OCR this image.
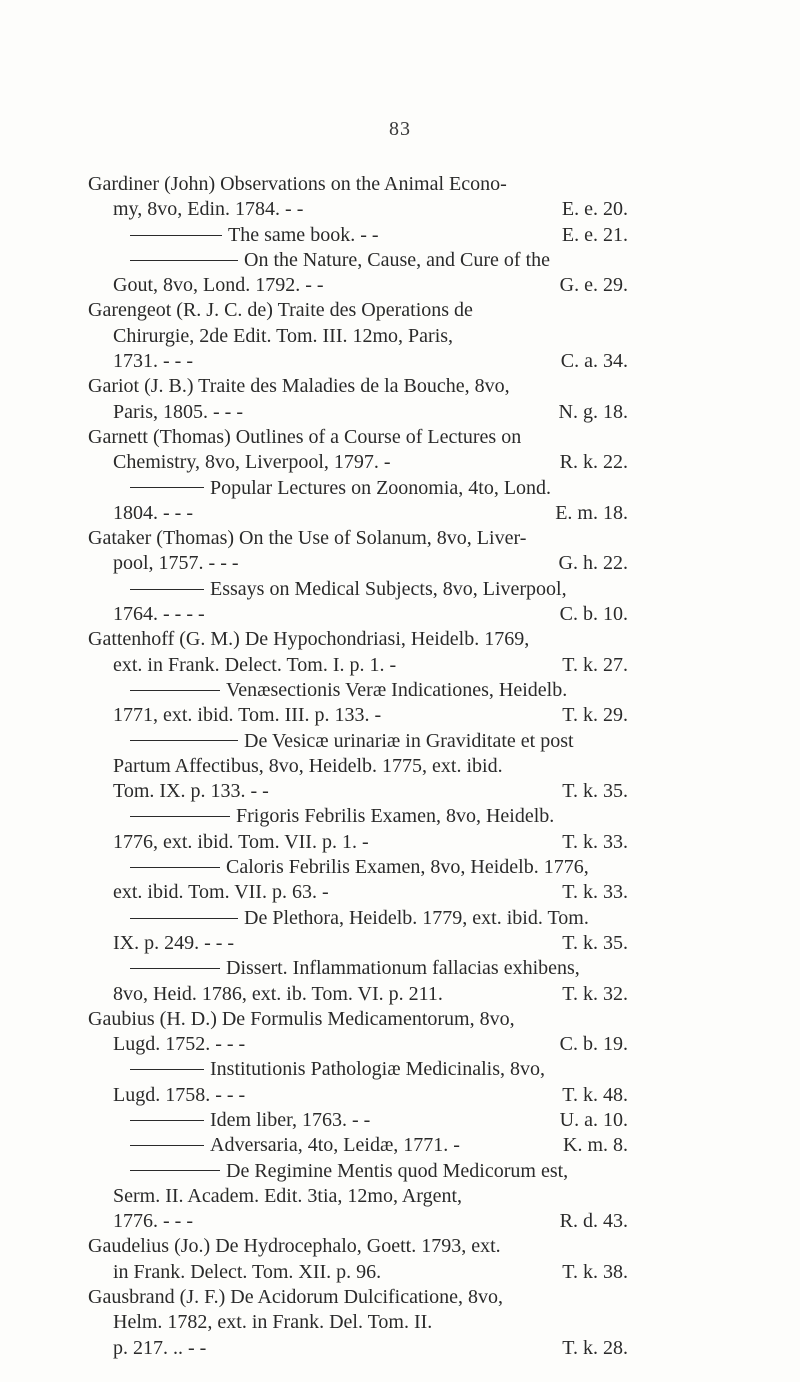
83
Gardiner (John) Observations on the Animal Econo-
my, 8vo, Edin. 1784. - -	E. e. 20.
The same book. - -	E. e. 21.
On the Nature, Cause, and Cure of the
Gout, 8vo, Lond. 1792. - -	G. e. 29.
Garengeot (R. J. C. de) Traite des Operations de
Chirurgie, 2de Edit. Tom. III. 12mo, Paris,
1731. - - -	C. a. 34.
Gariot (J. B.) Traite des Maladies de la Bouche, 8vo,
Paris, 1805. - - -	N. g. 18.
Garnett (Thomas) Outlines of a Course of Lectures on
Chemistry, 8vo, Liverpool, 1797. -	R. k. 22.
Popular Lectures on Zoonomia, 4to, Lond.
1804. - - -	E. m. 18.
Gataker (Thomas) On the Use of Solanum, 8vo, Liver-
pool, 1757. - - -	G. h. 22.
Essays on Medical Subjects, 8vo, Liverpool,
1764. - - - -	C. b. 10.
Gattenhoff (G. M.) De Hypochondriasi, Heidelb. 1769,
ext. in Frank. Delect. Tom. I. p. 1. -	T. k. 27.
Venæsectionis Veræ Indicationes, Heidelb.
1771, ext. ibid. Tom. III. p. 133. -	T. k. 29.
De Vesicæ urinariæ in Graviditate et post
Partum Affectibus, 8vo, Heidelb. 1775, ext. ibid.
Tom. IX. p. 133. - -	T. k. 35.
Frigoris Febrilis Examen, 8vo, Heidelb.
1776, ext. ibid. Tom. VII. p. 1. -	T. k. 33.
Caloris Febrilis Examen, 8vo, Heidelb. 1776,
ext. ibid. Tom. VII. p. 63. -	T. k. 33.
De Plethora, Heidelb. 1779, ext. ibid. Tom.
IX. p. 249. - - -	T. k. 35.
Dissert. Inflammationum fallacias exhibens,
8vo, Heid. 1786, ext. ib. Tom. VI. p. 211.	T. k. 32.
Gaubius (H. D.) De Formulis Medicamentorum, 8vo,
Lugd. 1752. - - -	C. b. 19.
Institutionis Pathologiæ Medicinalis, 8vo,
Lugd. 1758. - - -	T. k. 48.
Idem liber, 1763. - -	U. a. 10.
Adversaria, 4to, Leidæ, 1771. -	K. m. 8.
De Regimine Mentis quod Medicorum est,
Serm. II. Academ. Edit. 3tia, 12mo, Argent,
1776. - - -	R. d. 43.
Gaudelius (Jo.) De Hydrocephalo, Goett. 1793, ext.
in Frank. Delect. Tom. XII. p. 96.	T. k. 38.
Gausbrand (J. F.) De Acidorum Dulcificatione, 8vo,
Helm. 1782, ext. in Frank. Del. Tom. II.
p. 217. .. - -	T. k. 28.
